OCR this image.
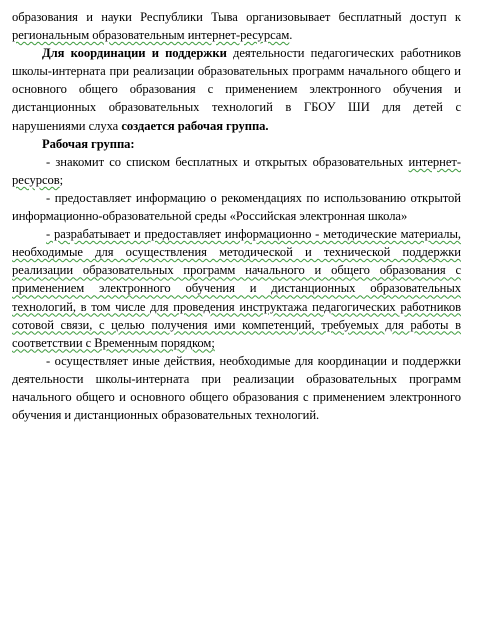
образования и науки Республики Тыва организовывает бесплатный доступ к региональным образовательным интернет-ресурсам.

Для координации и поддержки деятельности педагогических работников школы-интерната при реализации образовательных программ начального общего и основного общего образования с применением электронного обучения и дистанционных образовательных технологий в ГБОУ ШИ для детей с нарушениями слуха создается рабочая группа.

Рабочая группа:

- знакомит со списком бесплатных и открытых образовательных интернет- ресурсов;

- предоставляет информацию о рекомендациях по использованию открытой информационно-образовательной среды «Российская электронная школа»

- разрабатывает и предоставляет информационно - методические материалы, необходимые для осуществления методической и технической поддержки реализации образовательных программ начального и общего образования с применением электронного обучения и дистанционных образовательных технологий, в том числе для проведения инструктажа педагогических работников сотовой связи, с целью получения ими компетенций, требуемых для работы в соответствии с Временным порядком;

- осуществляет иные действия, необходимые для координации и поддержки деятельности школы-интерната при реализации образовательных программ начального общего и основного общего образования с применением электронного обучения и дистанционных образовательных технологий.
